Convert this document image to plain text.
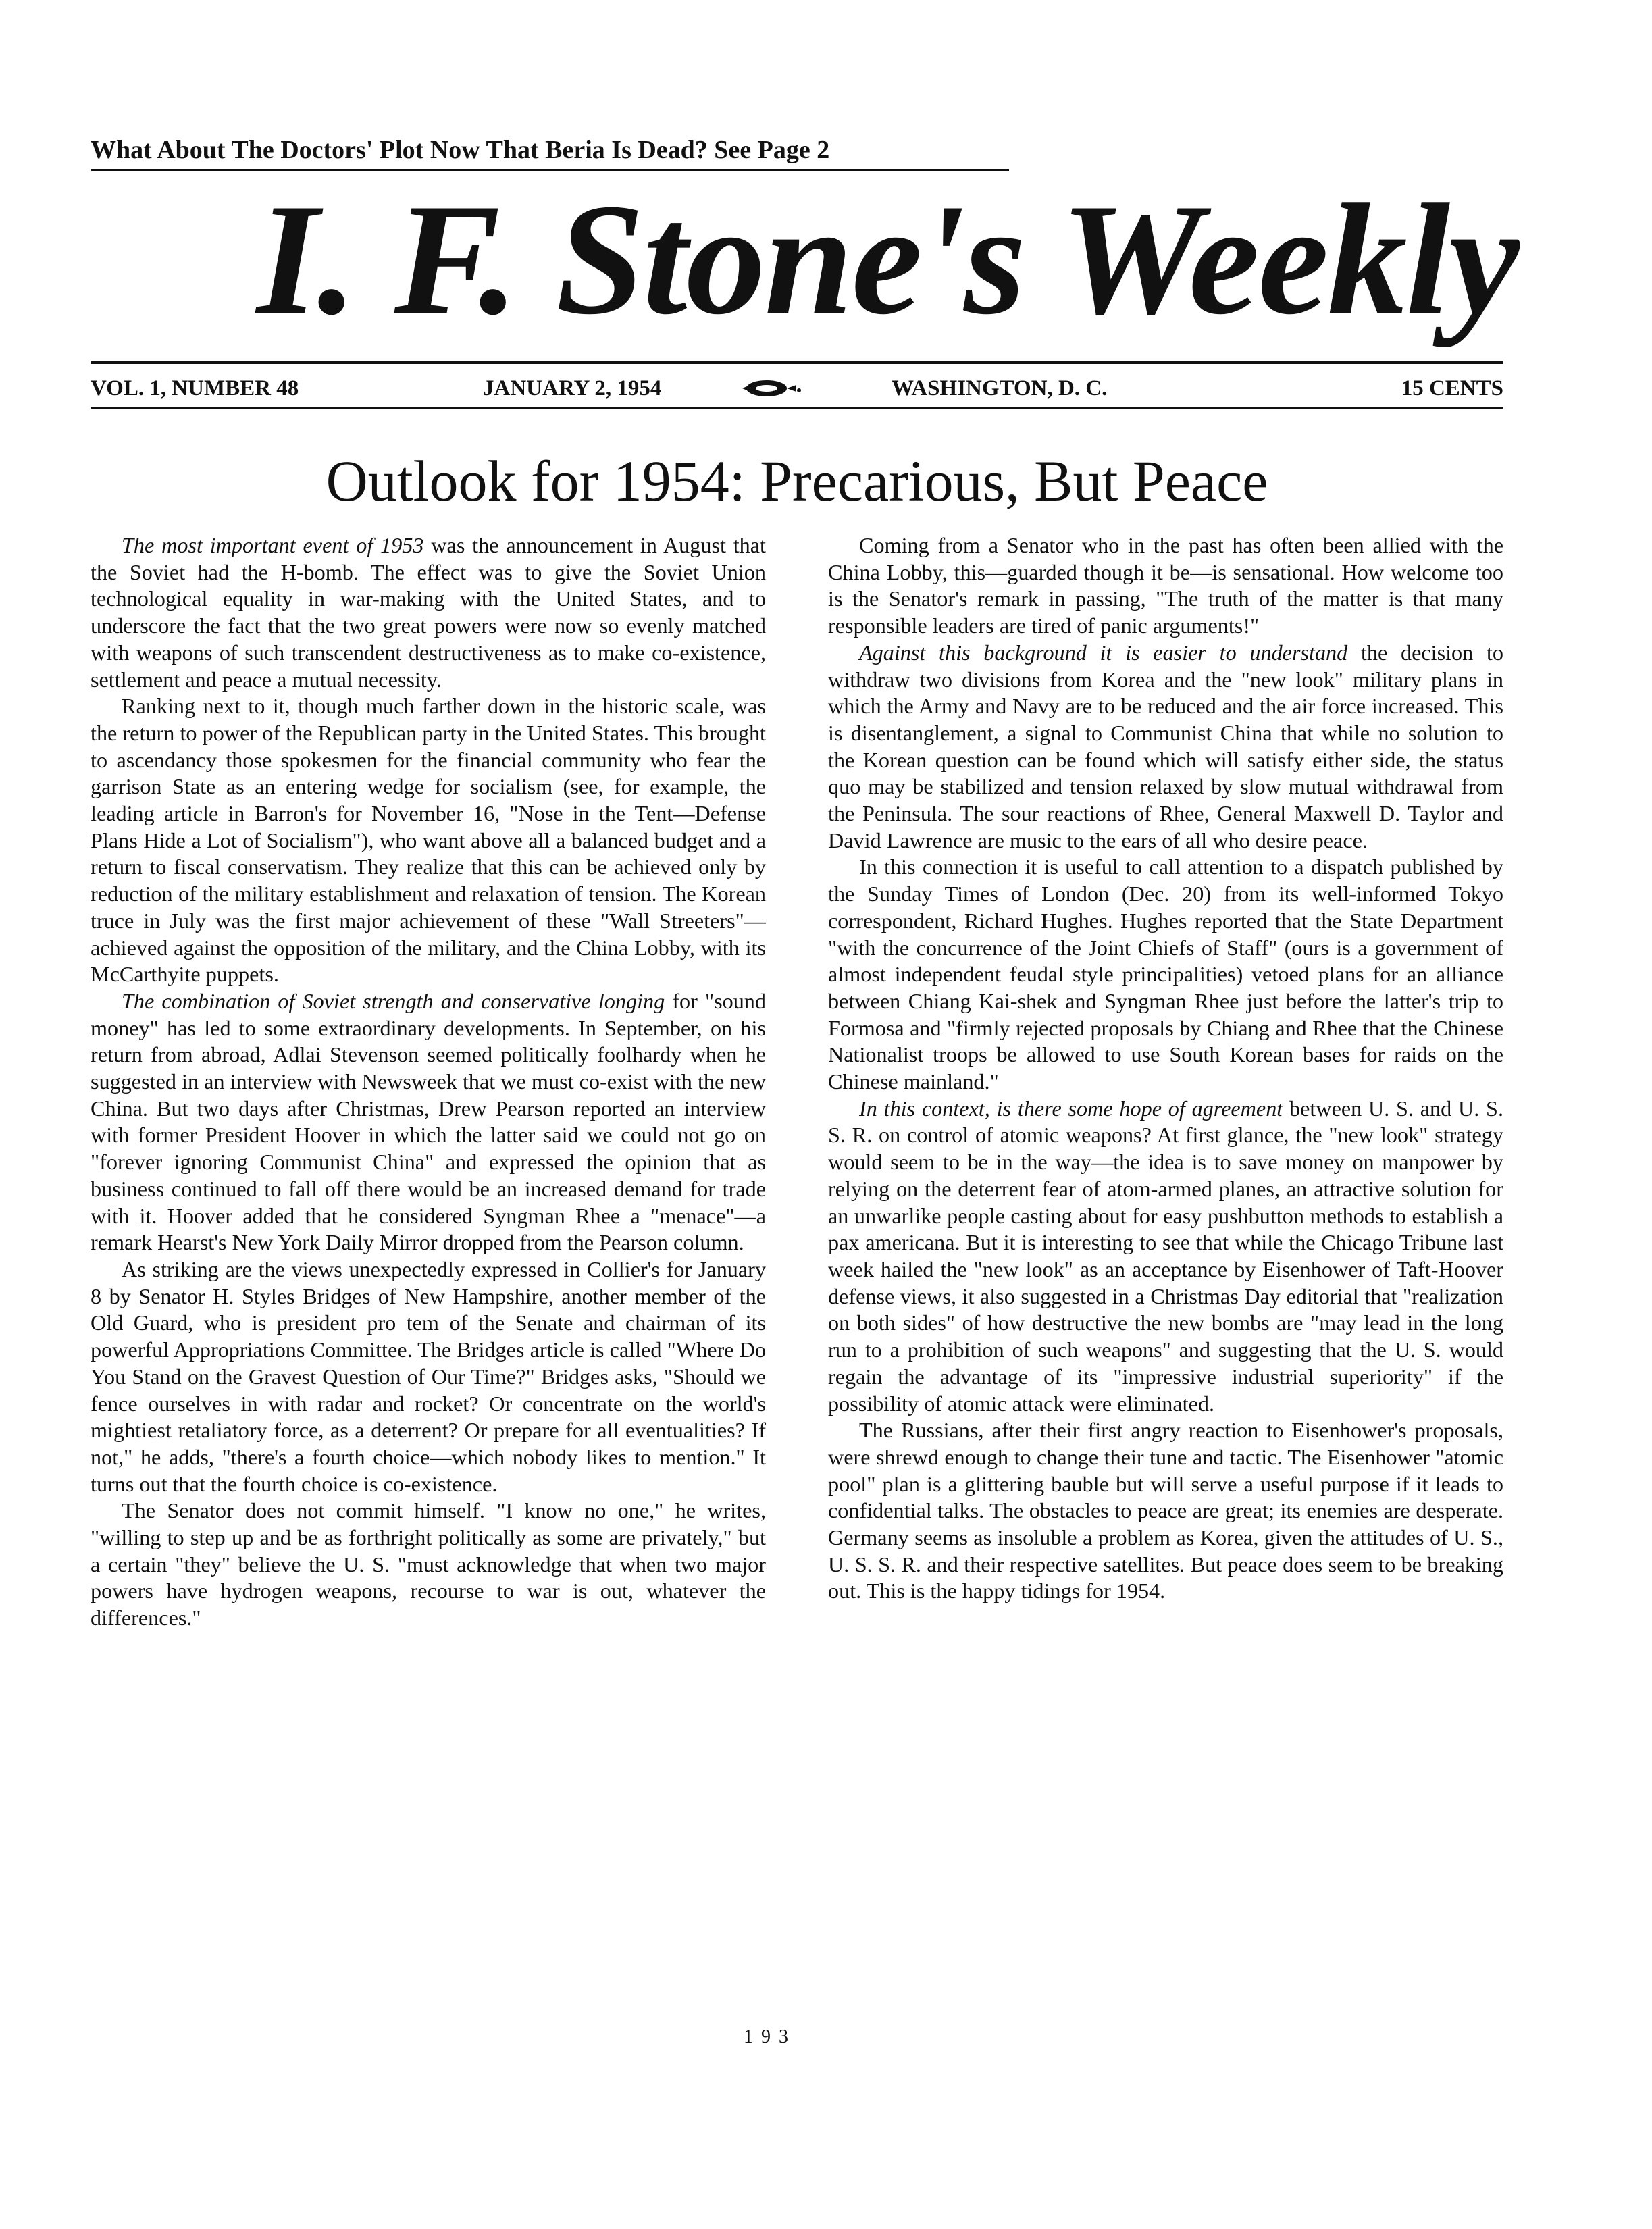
What About The Doctors' Plot Now That Beria Is Dead? See Page 2
I. F. Stone's Weekly
VOL. 1, NUMBER 48	JANUARY 2, 1954	WASHINGTON, D. C.	15 CENTS
Outlook for 1954: Precarious, But Peace

The most important event of 1953 was the announcement in August that the Soviet had the H-bomb. The effect was to give the Soviet Union technological equality in war-making with the United States, and to underscore the fact that the two great powers were now so evenly matched with weapons of such transcendent destructiveness as to make co-existence, settlement and peace a mutual necessity.

Ranking next to it, though much farther down in the historic scale, was the return to power of the Republican party in the United States. This brought to ascendancy those spokesmen for the financial community who fear the garrison State as an entering wedge for socialism (see, for example, the leading article in Barron's for November 16, "Nose in the Tent—Defense Plans Hide a Lot of Socialism"), who want above all a balanced budget and a return to fiscal conservatism. They realize that this can be achieved only by reduction of the military establishment and relaxation of tension. The Korean truce in July was the first major achievement of these "Wall Streeters"—achieved against the opposition of the military, and the China Lobby, with its McCarthyite puppets.

The combination of Soviet strength and conservative longing for "sound money" has led to some extraordinary developments. In September, on his return from abroad, Adlai Stevenson seemed politically foolhardy when he suggested in an interview with Newsweek that we must co-exist with the new China. But two days after Christmas, Drew Pearson reported an interview with former President Hoover in which the latter said we could not go on "forever ignoring Communist China" and expressed the opinion that as business continued to fall off there would be an increased demand for trade with it. Hoover added that he considered Syngman Rhee a "menace"—a remark Hearst's New York Daily Mirror dropped from the Pearson column.

As striking are the views unexpectedly expressed in Collier's for January 8 by Senator H. Styles Bridges of New Hampshire, another member of the Old Guard, who is president pro tem of the Senate and chairman of its powerful Appropriations Committee. The Bridges article is called "Where Do You Stand on the Gravest Question of Our Time?" Bridges asks, "Should we fence ourselves in with radar and rocket? Or concentrate on the world's mightiest retaliatory force, as a deterrent? Or prepare for all eventualities? If not," he adds, "there's a fourth choice—which nobody likes to mention." It turns out that the fourth choice is co-existence.

The Senator does not commit himself. "I know no one," he writes, "willing to step up and be as forthright politically as some are privately," but a certain "they" believe the U. S. "must acknowledge that when two major powers have hydrogen weapons, recourse to war is out, whatever the differences."

Coming from a Senator who in the past has often been allied with the China Lobby, this—guarded though it be—is sensational. How welcome too is the Senator's remark in passing, "The truth of the matter is that many responsible leaders are tired of panic arguments!"

Against this background it is easier to understand the decision to withdraw two divisions from Korea and the "new look" military plans in which the Army and Navy are to be reduced and the air force increased. This is disentanglement, a signal to Communist China that while no solution to the Korean question can be found which will satisfy either side, the status quo may be stabilized and tension relaxed by slow mutual withdrawal from the Peninsula. The sour reactions of Rhee, General Maxwell D. Taylor and David Lawrence are music to the ears of all who desire peace.

In this connection it is useful to call attention to a dispatch published by the Sunday Times of London (Dec. 20) from its well-informed Tokyo correspondent, Richard Hughes. Hughes reported that the State Department "with the concurrence of the Joint Chiefs of Staff" (ours is a government of almost independent feudal style principalities) vetoed plans for an alliance between Chiang Kai-shek and Syngman Rhee just before the latter's trip to Formosa and "firmly rejected proposals by Chiang and Rhee that the Chinese Nationalist troops be allowed to use South Korean bases for raids on the Chinese mainland."

In this context, is there some hope of agreement between U. S. and U. S. S. R. on control of atomic weapons? At first glance, the "new look" strategy would seem to be in the way—the idea is to save money on manpower by relying on the deterrent fear of atom-armed planes, an attractive solution for an unwarlike people casting about for easy pushbutton methods to establish a pax americana. But it is interesting to see that while the Chicago Tribune last week hailed the "new look" as an acceptance by Eisenhower of Taft-Hoover defense views, it also suggested in a Christmas Day editorial that "realization on both sides" of how destructive the new bombs are "may lead in the long run to a prohibition of such weapons" and suggesting that the U. S. would regain the advantage of its "impressive industrial superiority" if the possibility of atomic attack were eliminated.

The Russians, after their first angry reaction to Eisenhower's proposals, were shrewd enough to change their tune and tactic. The Eisenhower "atomic pool" plan is a glittering bauble but will serve a useful purpose if it leads to confidential talks. The obstacles to peace are great; its enemies are desperate. Germany seems as insoluble a problem as Korea, given the attitudes of U. S., U. S. S. R. and their respective satellites. But peace does seem to be breaking out. This is the happy tidings for 1954.

193
